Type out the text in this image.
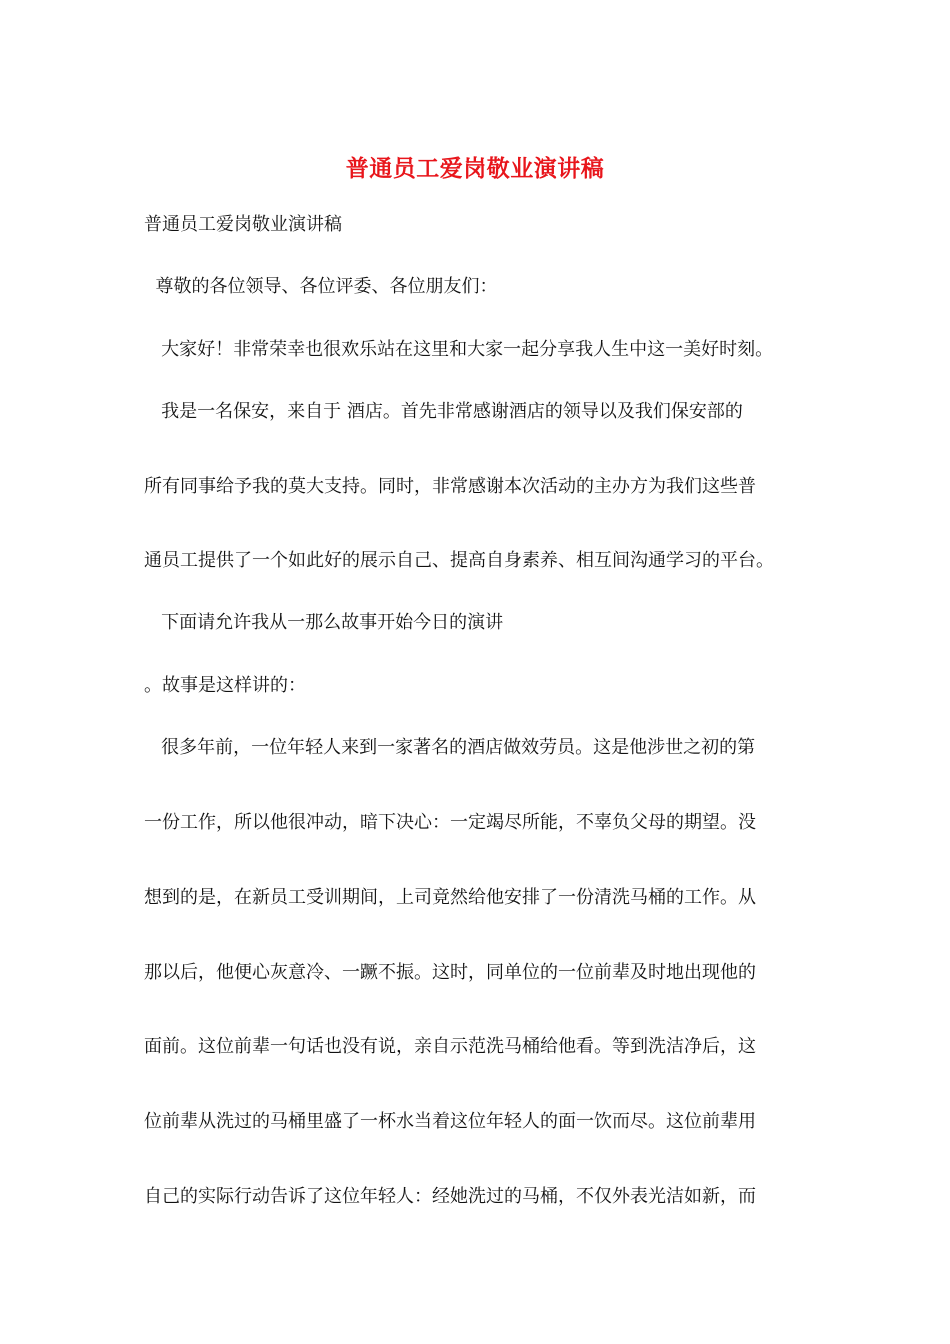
普通员工爱岗敬业演讲稿
普通员工爱岗敬业演讲稿
尊敬的各位领导、各位评委、各位朋友们：
大家好！非常荣幸也很欢乐站在这里和大家一起分享我人生中这一美好时刻。
我是一名保安，来自于 酒店。首先非常感谢酒店的领导以及我们保安部的
所有同事给予我的莫大支持。同时，非常感谢本次活动的主办方为我们这些普
通员工提供了一个如此好的展示自己、提高自身素养、相互间沟通学习的平台。
下面请允许我从一那么故事开始今日的演讲
。故事是这样讲的：
很多年前，一位年轻人来到一家著名的酒店做效劳员。这是他涉世之初的第
一份工作，所以他很冲动，暗下决心：一定竭尽所能，不辜负父母的期望。没
想到的是，在新员工受训期间，上司竟然给他安排了一份清洗马桶的工作。从
那以后，他便心灰意冷、一蹶不振。这时，同单位的一位前辈及时地出现他的
面前。这位前辈一句话也没有说，亲自示范洗马桶给他看。等到洗洁净后，这
位前辈从洗过的马桶里盛了一杯水当着这位年轻人的面一饮而尽。这位前辈用
自己的实际行动告诉了这位年轻人：经她洗过的马桶，不仅外表光洁如新，而
